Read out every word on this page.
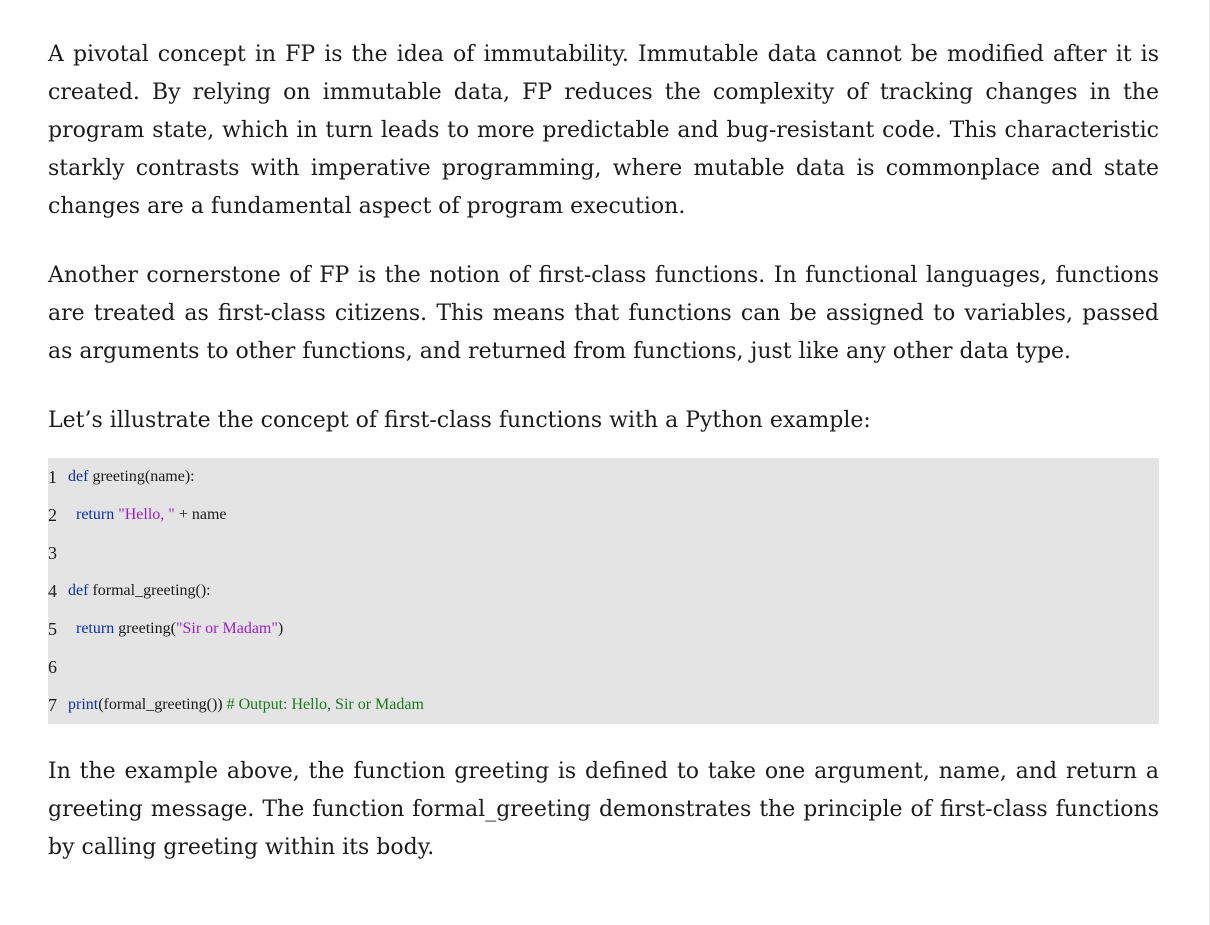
A pivotal concept in FP is the idea of immutability. Immutable data cannot be modified after it is created. By relying on immutable data, FP reduces the complexity of tracking changes in the program state, which in turn leads to more predictable and bug-resistant code. This characteristic starkly contrasts with imperative programming, where mutable data is commonplace and state changes are a fundamental aspect of program execution.

Another cornerstone of FP is the notion of first-class functions. In functional languages, functions are treated as first-class citizens. This means that functions can be assigned to variables, passed as arguments to other functions, and returned from functions, just like any other data type.

Let’s illustrate the concept of first-class functions with a Python example:

1 def greeting(name):
2
	return
"Hello, " + name
3
4 def formal_greeting():
5
	return greeting( "Sir or Madam" )
6
7 print (formal_greeting()) # Output: Hello, Sir or Madam

In the example above, the function greeting is defined to take one argument, name, and return a greeting message. The function formal_greeting demonstrates the principle of first-class functions by calling greeting within its body.
